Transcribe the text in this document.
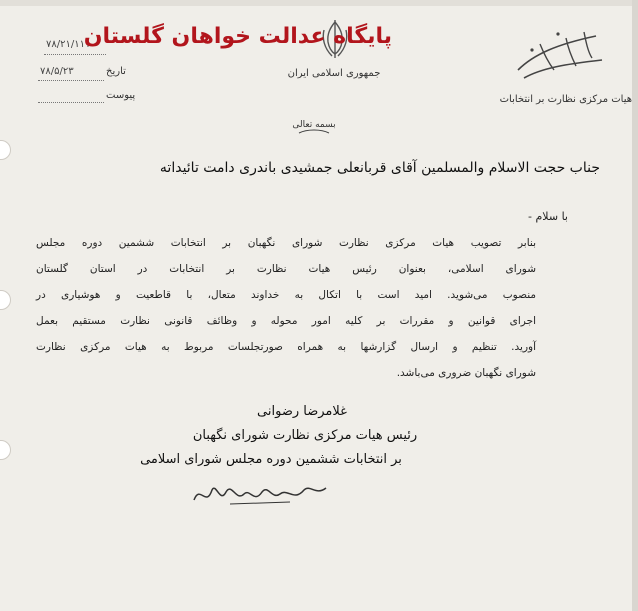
۷۸/۲۱/۱۱۱
۷۸/۵/۲۳	تاریخ
پیوست
پایگاه عدالت خواهان گلستان
جمهوری اسلامی ایران
بسمه تعالی
هیات مرکزی نظارت بر انتخابات
جناب حجت الاسلام والمسلمین آقای قربانعلی جمشیدی باندری دامت تائیداته
با سلام -
بنابر تصویب هیات مرکزی نظارت شورای نگهبان بر انتخابات ششمین دوره مجلس
شورای اسلامی، بعنوان رئیس هیات نظارت بر انتخابات در استان گلستان
منصوب می‌شوید. امید است با اتکال به خداوند متعال، با قاطعیت و هوشیاری در
اجرای قوانین و مقررات بر کلیه امور محوله و وظائف قانونی نظارت مستقیم بعمل
آورید. تنظیم و ارسال گزارشها به همراه صورتجلسات مربوط به هیات مرکزی نظارت
شورای نگهبان ضروری می‌باشد.
غلامرضا رضوانی
رئیس هیات مرکزی نظارت شورای نگهبان
بر انتخابات ششمین دوره مجلس شورای اسلامی
